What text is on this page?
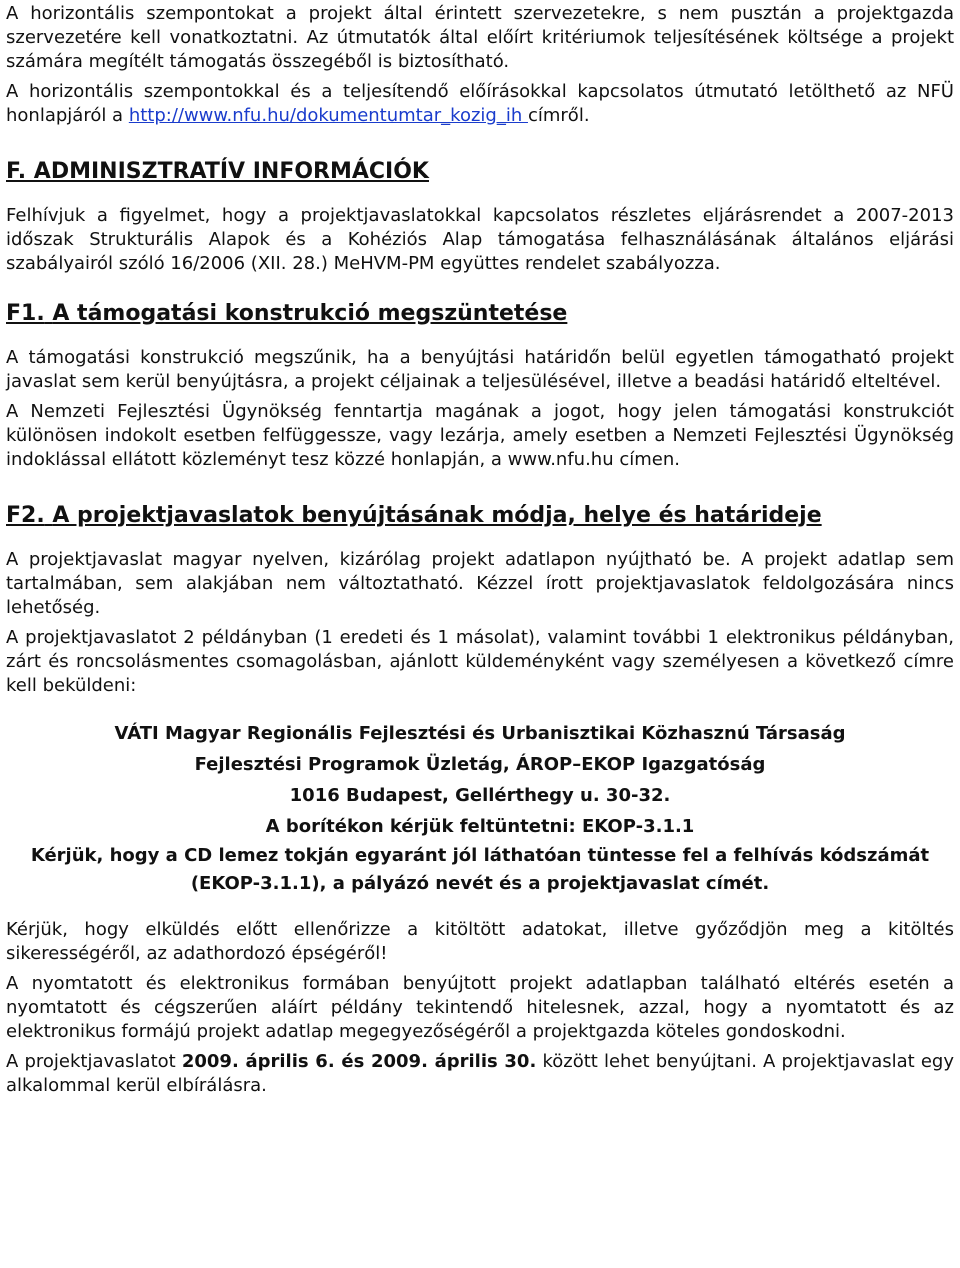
A horizontális szempontokat a projekt által érintett szervezetekre, s nem pusztán a projektgazda szervezetére kell vonatkoztatni. Az útmutatók által előírt kritériumok teljesítésének költsége a projekt számára megítélt támogatás összegéből is biztosítható.

A horizontális szempontokkal és a teljesítendő előírásokkal kapcsolatos útmutató letölthető az NFÜ honlapjáról a http://www.nfu.hu/dokumentumtar_kozig_ih címről.

F. ADMINISZTRATÍV INFORMÁCIÓK

Felhívjuk a figyelmet, hogy a projektjavaslatokkal kapcsolatos részletes eljárásrendet a 2007-2013 időszak Strukturális Alapok és a Kohéziós Alap támogatása felhasználásának általános eljárási szabályairól szóló 16/2006 (XII. 28.) MeHVM-PM együttes rendelet szabályozza.

F1. A támogatási konstrukció megszüntetése

A támogatási konstrukció megszűnik, ha a benyújtási határidőn belül egyetlen támogatható projekt javaslat sem kerül benyújtásra, a projekt céljainak a teljesülésével, illetve a beadási határidő elteltével.

A Nemzeti Fejlesztési Ügynökség fenntartja magának a jogot, hogy jelen támogatási konstrukciót különösen indokolt esetben felfüggessze, vagy lezárja, amely esetben a Nemzeti Fejlesztési Ügynökség indoklással ellátott közleményt tesz közzé honlapján, a www.nfu.hu címen.

F2. A projektjavaslatok benyújtásának módja, helye és határideje

A projektjavaslat magyar nyelven, kizárólag projekt adatlapon nyújtható be. A projekt adatlap sem tartalmában, sem alakjában nem változtatható. Kézzel írott projektjavaslatok feldolgozására nincs lehetőség.

A projektjavaslatot 2 példányban (1 eredeti és 1 másolat), valamint további 1 elektronikus példányban, zárt és roncsolásmentes csomagolásban, ajánlott küldeményként vagy személyesen a következő címre kell beküldeni:

VÁTI Magyar Regionális Fejlesztési és Urbanisztikai Közhasznú Társaság
Fejlesztési Programok Üzletág, ÁROP–EKOP Igazgatóság
1016 Budapest, Gellérthegy u. 30-32.
A borítékon kérjük feltüntetni: EKOP-3.1.1
Kérjük, hogy a CD lemez tokján egyaránt jól láthatóan tüntesse fel a felhívás kódszámát (EKOP-3.1.1), a pályázó nevét és a projektjavaslat címét.

Kérjük, hogy elküldés előtt ellenőrizze a kitöltött adatokat, illetve győződjön meg a kitöltés sikerességéről, az adathordozó épségéről!

A nyomtatott és elektronikus formában benyújtott projekt adatlapban található eltérés esetén a nyomtatott és cégszerűen aláírt példány tekintendő hitelesnek, azzal, hogy a nyomtatott és az elektronikus formájú projekt adatlap megegyezőségéről a projektgazda köteles gondoskodni.

A projektjavaslatot 2009. április 6. és 2009. április 30. között lehet benyújtani. A projektjavaslat egy alkalommal kerül elbírálásra.
